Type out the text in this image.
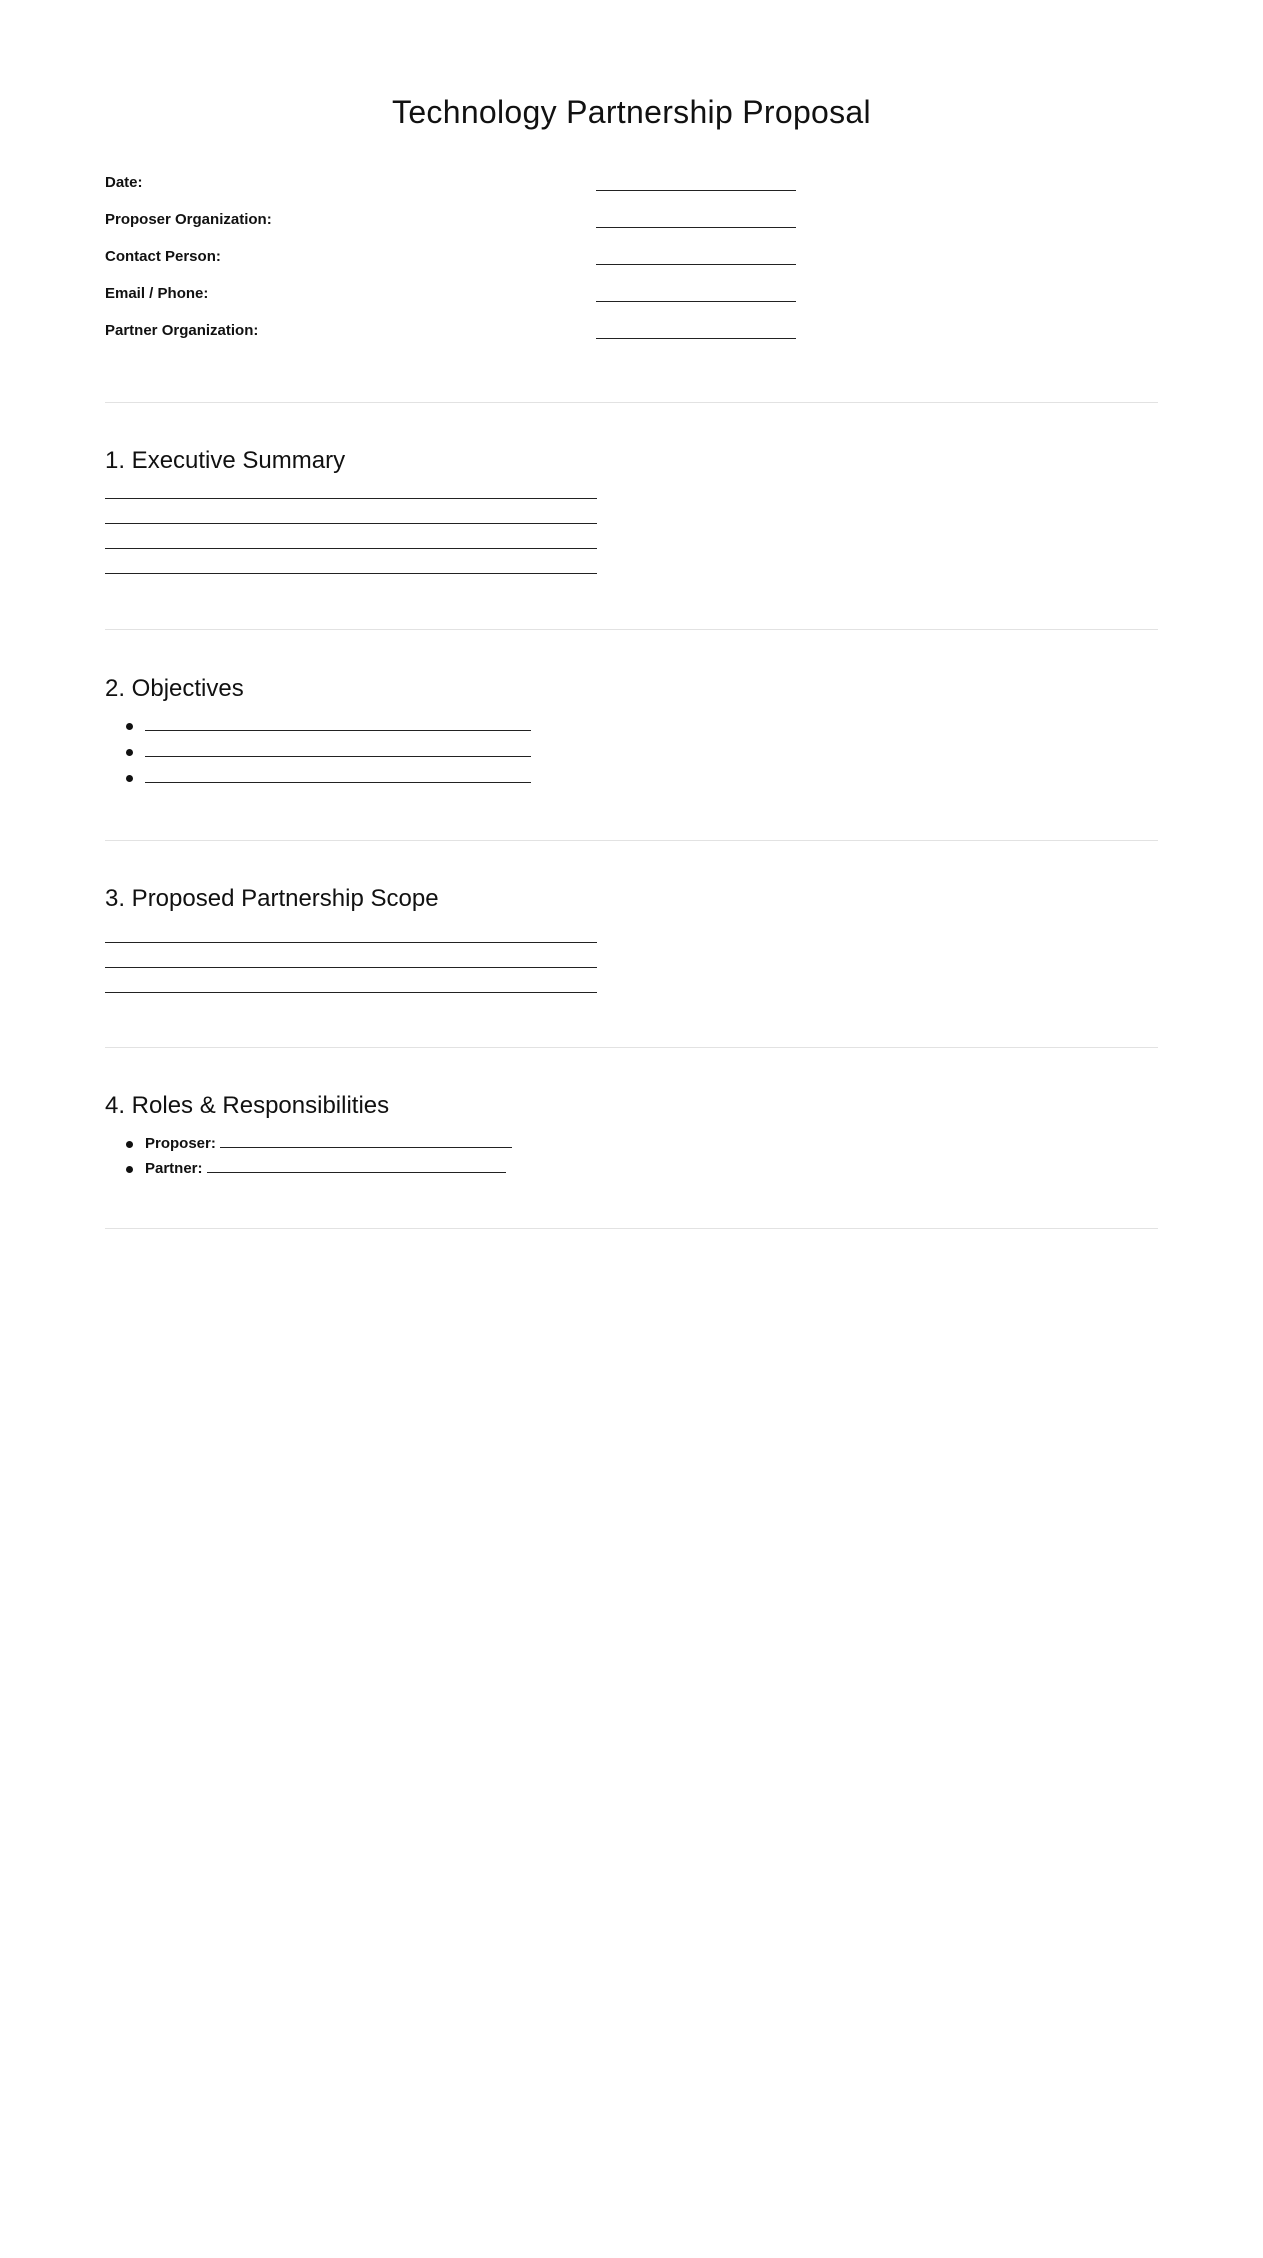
Technology Partnership Proposal
Date:
Proposer Organization:
Contact Person:
Email / Phone:
Partner Organization:
1. Executive Summary
2. Objectives
3. Proposed Partnership Scope
4. Roles & Responsibilities
Proposer:
Partner:
